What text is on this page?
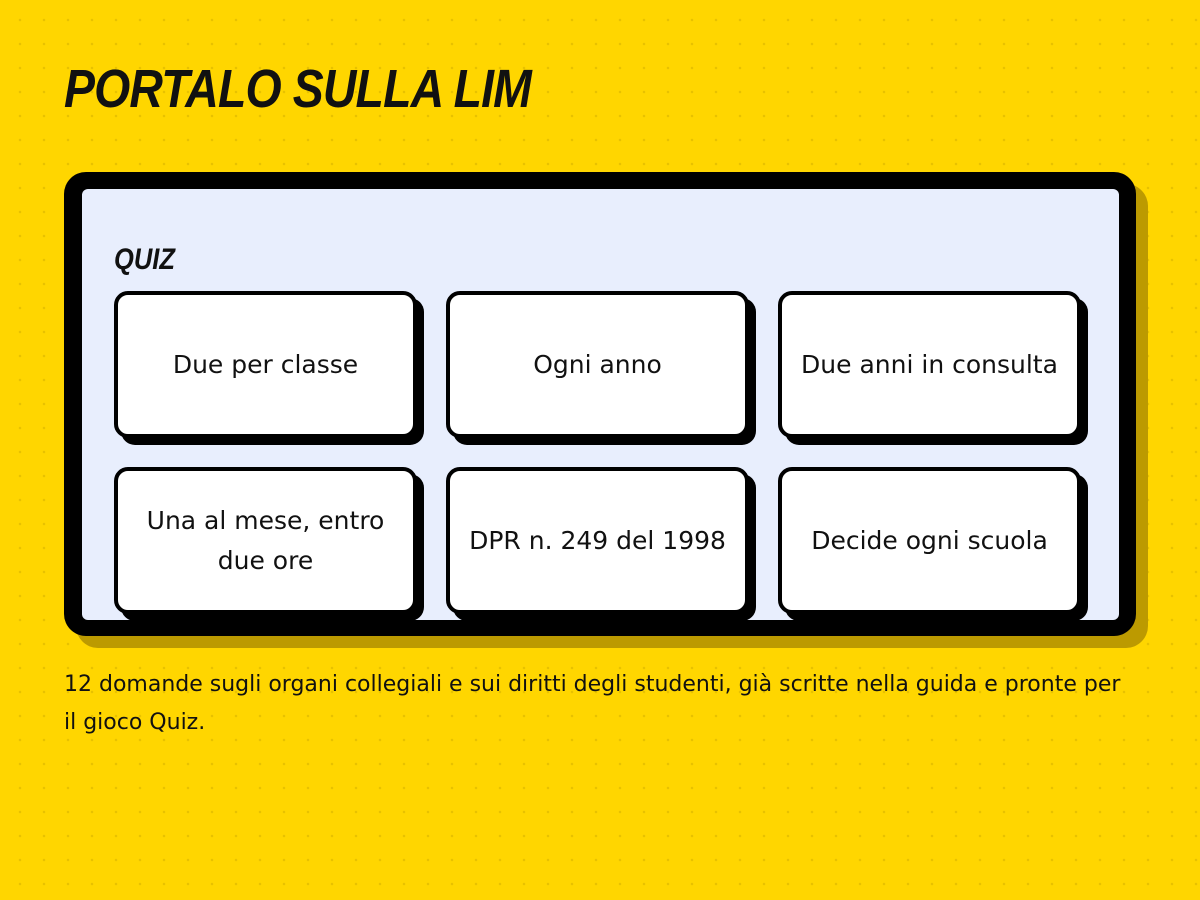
PORTALO SULLA LIM
QUIZ
Due per classe	Ogni anno	Due anni in consulta
Una al mese, entro due ore
DPR n. 249 del 1998	Decide ogni scuola

12 domande sugli organi collegiali e sui diritti degli studenti, già scritte nella guida e pronte per il gioco Quiz.
